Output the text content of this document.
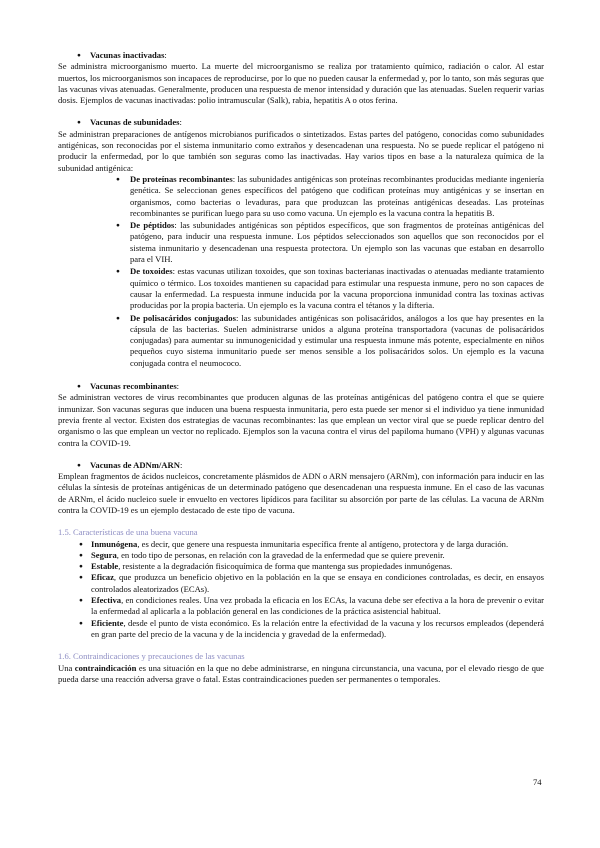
● Vacunas inactivadas:

Se administra microorganismo muerto. La muerte del microorganismo se realiza por tratamiento químico, radiación o calor. Al estar muertos, los microorganismos son incapaces de reproducirse, por lo que no pueden causar la enfermedad y, por lo tanto, son más seguras que las vacunas vivas atenuadas. Generalmente, producen una respuesta de menor intensidad y duración que las atenuadas. Suelen requerir varias dosis. Ejemplos de vacunas inactivadas: polio intramuscular (Salk), rabia, hepatitis A o otos ferina.

● Vacunas de subunidades:

Se administran preparaciones de antígenos microbianos purificados o sintetizados. Estas partes del patógeno, conocidas como subunidades antigénicas, son reconocidas por el sistema inmunitario como extraños y desencadenan una respuesta. No se puede replicar el patógeno ni producir la enfermedad, por lo que también son seguras como las inactivadas. Hay varios tipos en base a la naturaleza química de la subunidad antigénica:

● De proteínas recombinantes: las subunidades antigénicas son proteínas recombinantes producidas mediante ingeniería genética. Se seleccionan genes específicos del patógeno que codifican proteínas muy antigénicas y se insertan en organismos, como bacterias o levaduras, para que produzcan las proteínas antigénicas deseadas. Las proteínas recombinantes se purifican luego para su uso como vacuna. Un ejemplo es la vacuna contra la hepatitis B.
● De péptidos: las subunidades antigénicas son péptidos específicos, que son fragmentos de proteínas antigénicas del patógeno, para inducir una respuesta inmune. Los péptidos seleccionados son aquellos que son reconocidos por el sistema inmunitario y desencadenan una respuesta protectora. Un ejemplo son las vacunas que estaban en desarrollo para el VIH.
● De toxoides: estas vacunas utilizan toxoides, que son toxinas bacterianas inactivadas o atenuadas mediante tratamiento químico o térmico. Los toxoides mantienen su capacidad para estimular una respuesta inmune, pero no son capaces de causar la enfermedad. La respuesta inmune inducida por la vacuna proporciona inmunidad contra las toxinas activas producidas por la propia bacteria. Un ejemplo es la vacuna contra el tétanos y la difteria.
● De polisacáridos conjugados: las subunidades antigénicas son polisacáridos, análogos a los que hay presentes en la cápsula de las bacterias. Suelen administrarse unidos a alguna proteína transportadora (vacunas de polisacáridos conjugadas) para aumentar su inmunogenicidad y estimular una respuesta inmune más potente, especialmente en niños pequeños cuyo sistema inmunitario puede ser menos sensible a los polisacáridos solos. Un ejemplo es la vacuna conjugada contra el neumococo.
● Vacunas recombinantes:

Se administran vectores de virus recombinantes que producen algunas de las proteínas antigénicas del patógeno contra el que se quiere inmunizar. Son vacunas seguras que inducen una buena respuesta inmunitaria, pero esta puede ser menor si el individuo ya tiene inmunidad previa frente al vector. Existen dos estrategias de vacunas recombinantes: las que emplean un vector viral que se puede replicar dentro del organismo o las que emplean un vector no replicado. Ejemplos son la vacuna contra el virus del papiloma humano (VPH) y algunas vacunas contra la COVID-19.

● Vacunas de ADNm/ARN:

Emplean fragmentos de ácidos nucleicos, concretamente plásmidos de ADN o ARN mensajero (ARNm), con información para inducir en las células la síntesis de proteínas antigénicas de un determinado patógeno que desencadenan una respuesta inmune. En el caso de las vacunas de ARNm, el ácido nucleico suele ir envuelto en vectores lipídicos para facilitar su absorción por parte de las células. La vacuna de ARNm contra la COVID-19 es un ejemplo destacado de este tipo de vacuna.

1.5. Características de una buena vacuna

● Inmunógena, es decir, que genere una respuesta inmunitaria específica frente al antígeno, protectora y de larga duración.
● Segura, en todo tipo de personas, en relación con la gravedad de la enfermedad que se quiere prevenir.
● Estable, resistente a la degradación fisicoquímica de forma que mantenga sus propiedades inmunógenas.
● Eficaz, que produzca un beneficio objetivo en la población en la que se ensaya en condiciones controladas, es decir, en ensayos controlados aleatorizados (ECAs).
● Efectiva, en condiciones reales. Una vez probada la eficacia en los ECAs, la vacuna debe ser efectiva a la hora de prevenir o evitar la enfermedad al aplicarla a la población general en las condiciones de la práctica asistencial habitual.
● Eficiente, desde el punto de vista económico. Es la relación entre la efectividad de la vacuna y los recursos empleados (dependerá en gran parte del precio de la vacuna y de la incidencia y gravedad de la enfermedad).

1.6. Contraindicaciones y precauciones de las vacunas

Una contraindicación es una situación en la que no debe administrarse, en ninguna circunstancia, una vacuna, por el elevado riesgo de que pueda darse una reacción adversa grave o fatal. Estas contraindicaciones pueden ser permanentes o temporales.

74
